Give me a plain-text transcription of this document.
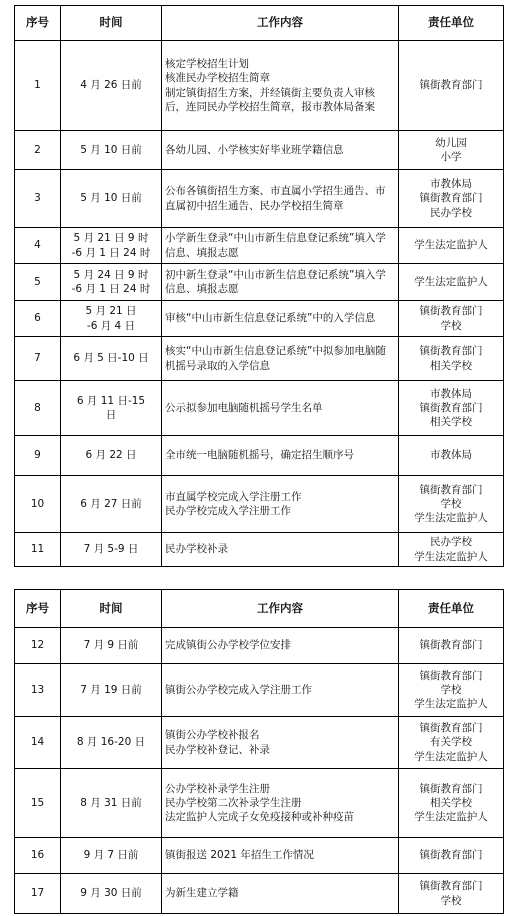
序号	时间	工作内容	责任单位
1	4 月 26 日前	核定学校招生计划
核准民办学校招生简章
制定镇街招生方案，并经镇街主要负责人审核后，连同民办学校招生简章，报市教体局备案	镇街教育部门
2	5 月 10 日前	各幼儿园、小学核实好毕业班学籍信息	幼儿园
小学
3	5 月 10 日前	公布各镇街招生方案、市直属小学招生通告、市直属初中招生通告、民办学校招生简章	市教体局
镇街教育部门
民办学校
4	5 月 21 日 9 时
-6 月 1 日 24 时	小学新生登录“中山市新生信息登记系统”填入学信息、填报志愿	学生法定监护人
5	5 月 24 日 9 时
-6 月 1 日 24 时	初中新生登录“中山市新生信息登记系统”填入学信息、填报志愿	学生法定监护人
6	5 月 21 日
-6 月 4 日	审核“中山市新生信息登记系统”中的入学信息	镇街教育部门
学校
7	6 月 5 日-10 日	核实“中山市新生信息登记系统”中拟参加电脑随机摇号录取的入学信息	镇街教育部门
相关学校
8	6 月 11 日-15
日	公示拟参加电脑随机摇号学生名单	市教体局
镇街教育部门
相关学校
9	6 月 22 日	全市统一电脑随机摇号，确定招生顺序号	市教体局
10	6 月 27 日前	市直属学校完成入学注册工作
民办学校完成入学注册工作	镇街教育部门
学校
学生法定监护人
11	7 月 5-9 日	民办学校补录	民办学校
学生法定监护人
序号	时间	工作内容	责任单位
12	7 月 9 日前	完成镇街公办学校学位安排	镇街教育部门
13	7 月 19 日前	镇街公办学校完成入学注册工作	镇街教育部门
学校
学生法定监护人
14	8 月 16-20 日	镇街公办学校补报名
民办学校补登记、补录	镇街教育部门
有关学校
学生法定监护人
15	8 月 31 日前	公办学校补录学生注册
民办学校第二次补录学生注册
法定监护人完成子女免疫接种或补种疫苗	镇街教育部门
相关学校
学生法定监护人
16	9 月 7 日前	镇街报送 2021 年招生工作情况	镇街教育部门
17	9 月 30 日前	为新生建立学籍	镇街教育部门
学校
